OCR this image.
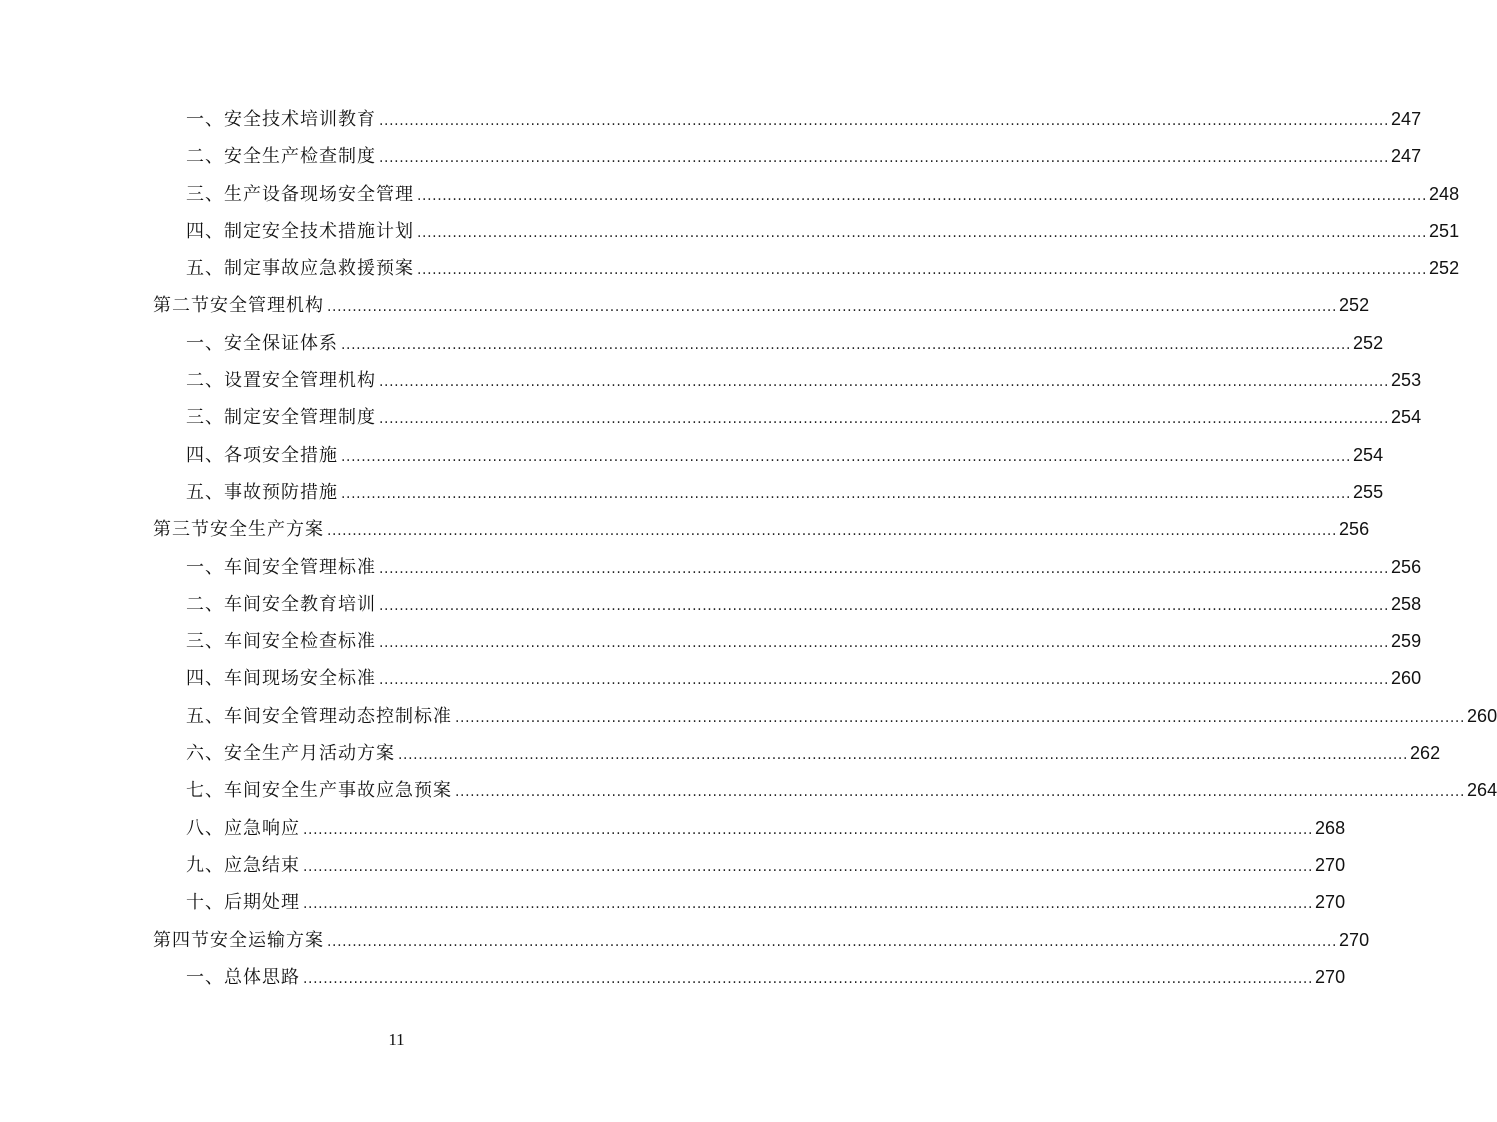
一、 安全技术培训教育 ........................................................................................................................................................................................................ 247
二、 安全生产检查制度 ........................................................................................................................................................................................................ 247
三、 生产设备现场安全管理 ........................................................................................................................................................................................................ 248
四、 制定安全技术措施计划 ........................................................................................................................................................................................................ 251
五、 制定事故应急救援预案 ........................................................................................................................................................................................................ 252
第二节 安全管理机构 ........................................................................................................................................................................................................ 252
一、 安全保证体系 ........................................................................................................................................................................................................ 252
二、 设置安全管理机构 ........................................................................................................................................................................................................ 253
三、 制定安全管理制度 ........................................................................................................................................................................................................ 254
四、 各项安全措施 ........................................................................................................................................................................................................ 254
五、 事故预防措施 ........................................................................................................................................................................................................ 255
第三节 安全生产方案 ........................................................................................................................................................................................................ 256
一、 车间安全管理标准 ........................................................................................................................................................................................................ 256
二、 车间安全教育培训 ........................................................................................................................................................................................................ 258
三、 车间安全检查标准 ........................................................................................................................................................................................................ 259
四、 车间现场安全标准 ........................................................................................................................................................................................................ 260
五、 车间安全管理动态控制标准 ........................................................................................................................................................................................................ 260
六、 安全生产月活动方案 ........................................................................................................................................................................................................ 262
七、 车间安全生产事故应急预案 ........................................................................................................................................................................................................ 264
八、 应急响应 ........................................................................................................................................................................................................ 268
九、 应急结束 ........................................................................................................................................................................................................ 270
十、 后期处理 ........................................................................................................................................................................................................ 270
第四节 安全运输方案 ........................................................................................................................................................................................................ 270
一、 总体思路 ........................................................................................................................................................................................................ 270
11
